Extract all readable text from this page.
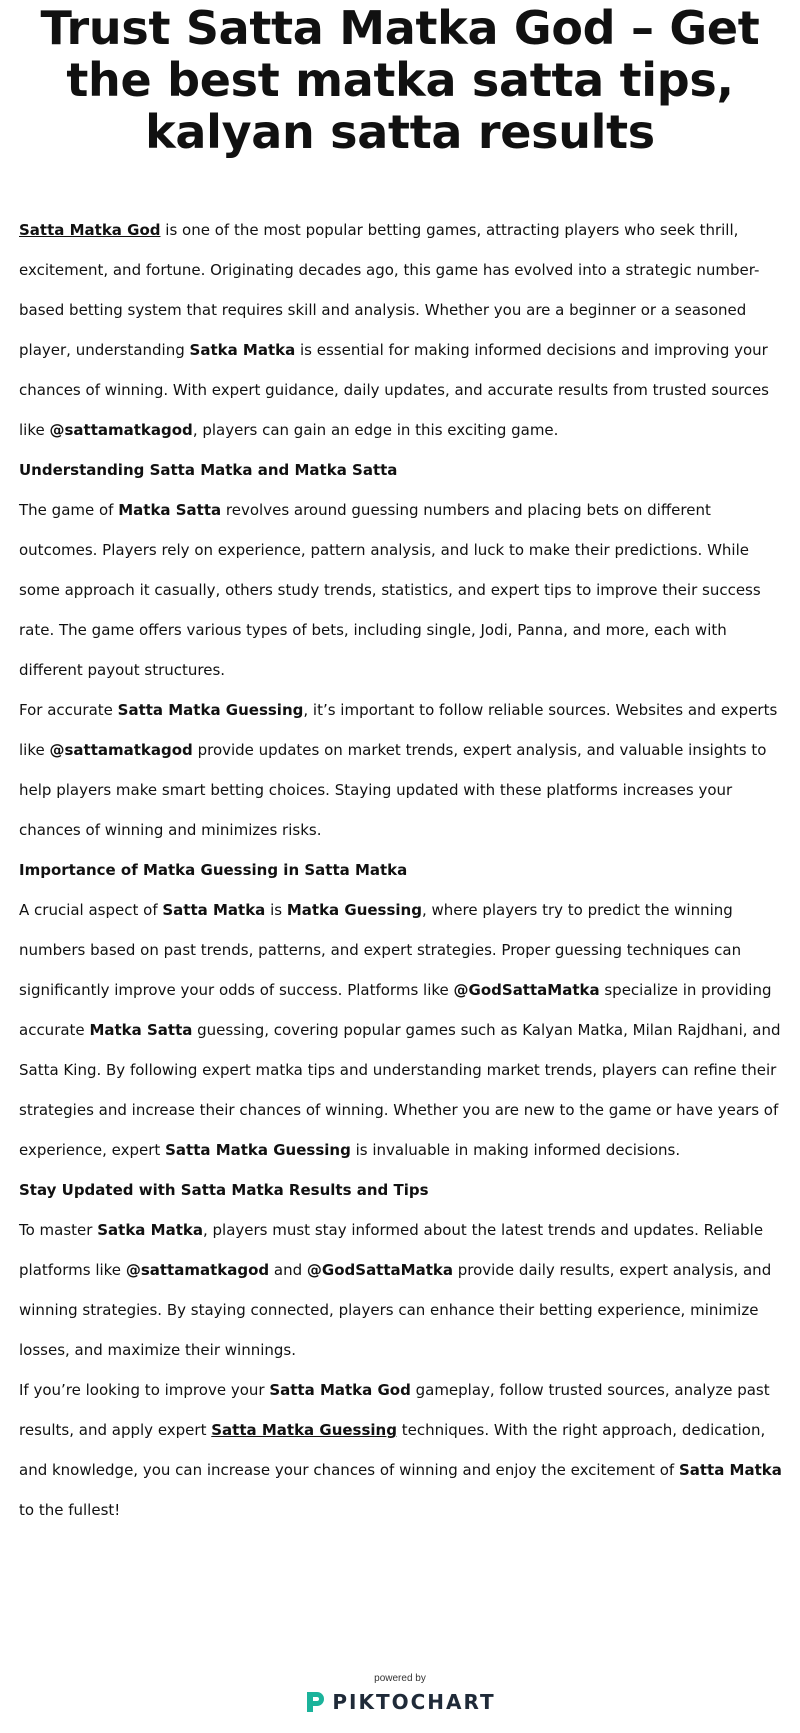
Trust Satta Matka God – Get the best matka satta tips, kalyan satta results

Satta Matka God is one of the most popular betting games, attracting players who seek thrill, excitement, and fortune. Originating decades ago, this game has evolved into a strategic number-based betting system that requires skill and analysis. Whether you are a beginner or a seasoned player, understanding Satka Matka is essential for making informed decisions and improving your chances of winning. With expert guidance, daily updates, and accurate results from trusted sources like @sattamatkagod, players can gain an edge in this exciting game.

Understanding Satta Matka and Matka Satta

The game of Matka Satta revolves around guessing numbers and placing bets on different outcomes. Players rely on experience, pattern analysis, and luck to make their predictions. While some approach it casually, others study trends, statistics, and expert tips to improve their success rate. The game offers various types of bets, including single, Jodi, Panna, and more, each with different payout structures.

For accurate Satta Matka Guessing, it’s important to follow reliable sources. Websites and experts like @sattamatkagod provide updates on market trends, expert analysis, and valuable insights to help players make smart betting choices. Staying updated with these platforms increases your chances of winning and minimizes risks.

Importance of Matka Guessing in Satta Matka

A crucial aspect of Satta Matka is Matka Guessing, where players try to predict the winning numbers based on past trends, patterns, and expert strategies. Proper guessing techniques can significantly improve your odds of success. Platforms like @GodSattaMatka specialize in providing accurate Matka Satta guessing, covering popular games such as Kalyan Matka, Milan Rajdhani, and Satta King. By following expert matka tips and understanding market trends, players can refine their strategies and increase their chances of winning. Whether you are new to the game or have years of experience, expert Satta Matka Guessing is invaluable in making informed decisions.

Stay Updated with Satta Matka Results and Tips

To master Satka Matka, players must stay informed about the latest trends and updates. Reliable platforms like @sattamatkagod and @GodSattaMatka provide daily results, expert analysis, and winning strategies. By staying connected, players can enhance their betting experience, minimize losses, and maximize their winnings.

If you’re looking to improve your Satta Matka God gameplay, follow trusted sources, analyze past results, and apply expert Satta Matka Guessing techniques. With the right approach, dedication, and knowledge, you can increase your chances of winning and enjoy the excitement of Satta Matka to the fullest!

powered by
PIKTOCHART
